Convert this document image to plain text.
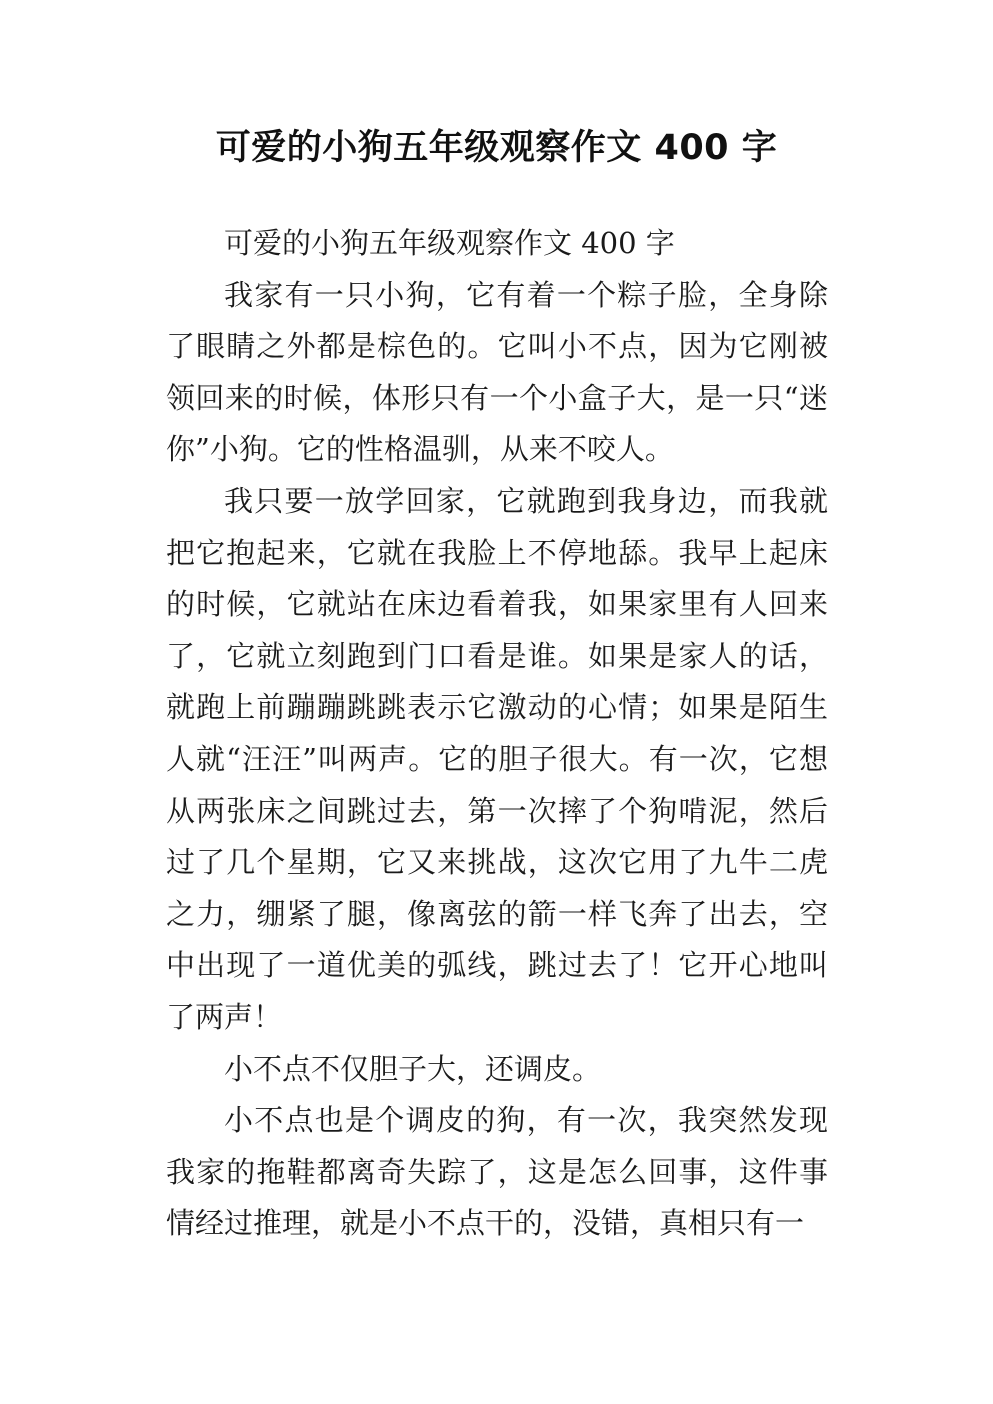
可爱的小狗五年级观察作文 400 字

可爱的小狗五年级观察作文 400 字

我家有一只小狗，它有着一个粽子脸，全身除了眼睛之外都是棕色的。它叫小不点，因为它刚被领回来的时候，体形只有一个小盒子大，是一只“迷你”小狗。它的性格温驯，从来不咬人。

我只要一放学回家，它就跑到我身边，而我就把它抱起来，它就在我脸上不停地舔。我早上起床的时候，它就站在床边看着我，如果家里有人回来了，它就立刻跑到门口看是谁。如果是家人的话，就跑上前蹦蹦跳跳表示它激动的心情；如果是陌生人就“汪汪”叫两声。它的胆子很大。有一次，它想从两张床之间跳过去，第一次摔了个狗啃泥，然后过了几个星期，它又来挑战，这次它用了九牛二虎之力，绷紧了腿，像离弦的箭一样飞奔了出去，空中出现了一道优美的弧线，跳过去了！它开心地叫了两声！

小不点不仅胆子大，还调皮。

小不点也是个调皮的狗，有一次，我突然发现我家的拖鞋都离奇失踪了，这是怎么回事，这件事情经过推理，就是小不点干的，没错，真相只有一
